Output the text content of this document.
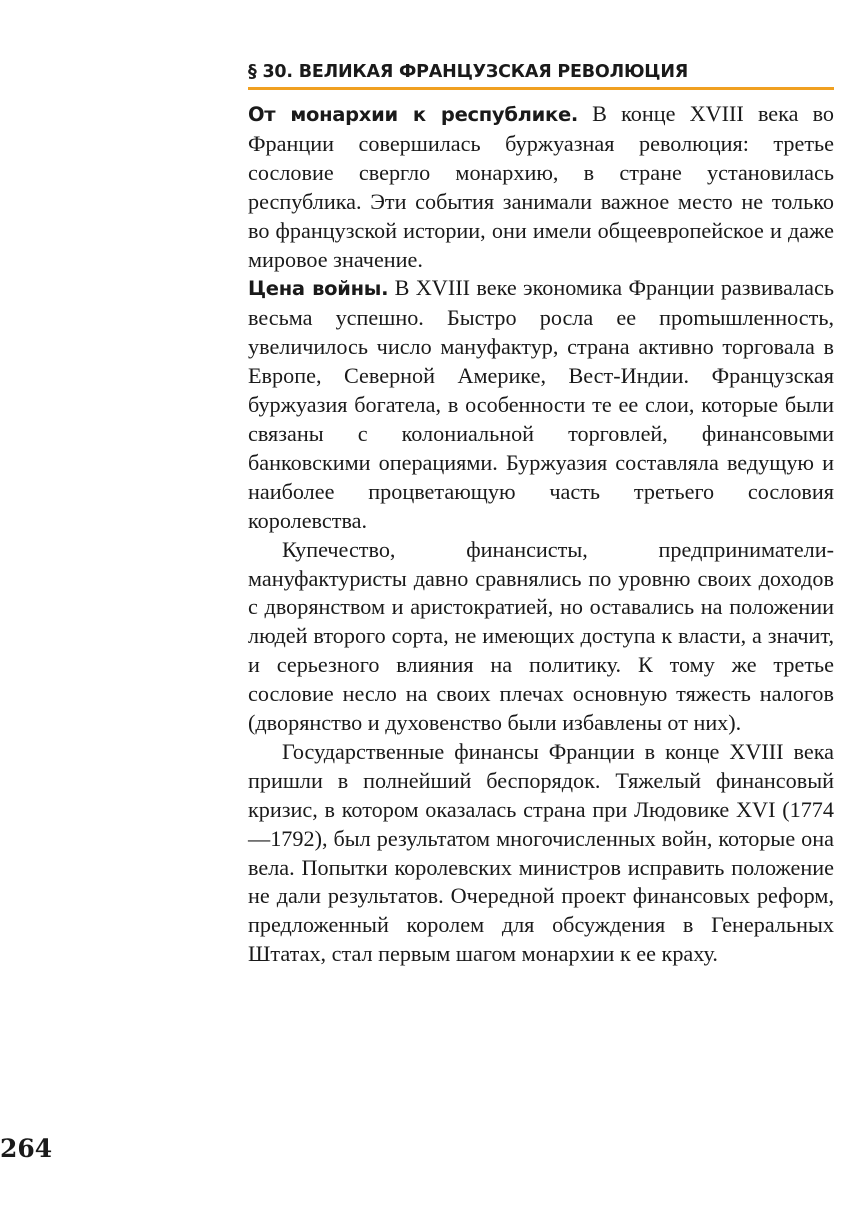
§ 30. ВЕЛИКАЯ ФРАНЦУЗСКАЯ РЕВОЛЮЦИЯ

От монархии к республике. В конце XVIII века во Франции совершилась буржуазная революция: третье сословие свергло монархию, в стране установилась республика. Эти события занимали важное место не только во французской истории, они имели общеевропейское и даже мировое значение.

Цена войны. В XVIII веке экономика Франции развивалась весьма успешно. Быстро росла ее проmышленность, увеличилось число мануфактур, страна активно торговала в Европе, Северной Америке, Вест-Индии. Французская буржуазия богатела, в особенности те ее слои, которые были связаны с колониальной торговлей, финансовыми банковскими операциями. Буржуазия составляла ведущую и наиболее процветающую часть третьего сословия королевства.

Купечество, финансисты, предприниматели-мануфактуристы давно сравнялись по уровню своих доходов с дворянством и аристократией, но оставались на положении людей второго сорта, не имеющих доступа к власти, а значит, и серьезного влияния на политику. К тому же третье сословие несло на своих плечах основную тяжесть налогов (дворянство и духовенство были избавлены от них).

Государственные финансы Франции в конце XVIII века пришли в полнейший беспорядок. Тяжелый финансовый кризис, в котором оказалась страна при Людовике XVI (1774—1792), был результатом многочисленных войн, которые она вела. Попытки королевских министров исправить положение не дали результатов. Очередной проект финансовых реформ, предложенный королем для обсуждения в Генеральных Штатах, стал первым шагом монархии к ее краху.

264
